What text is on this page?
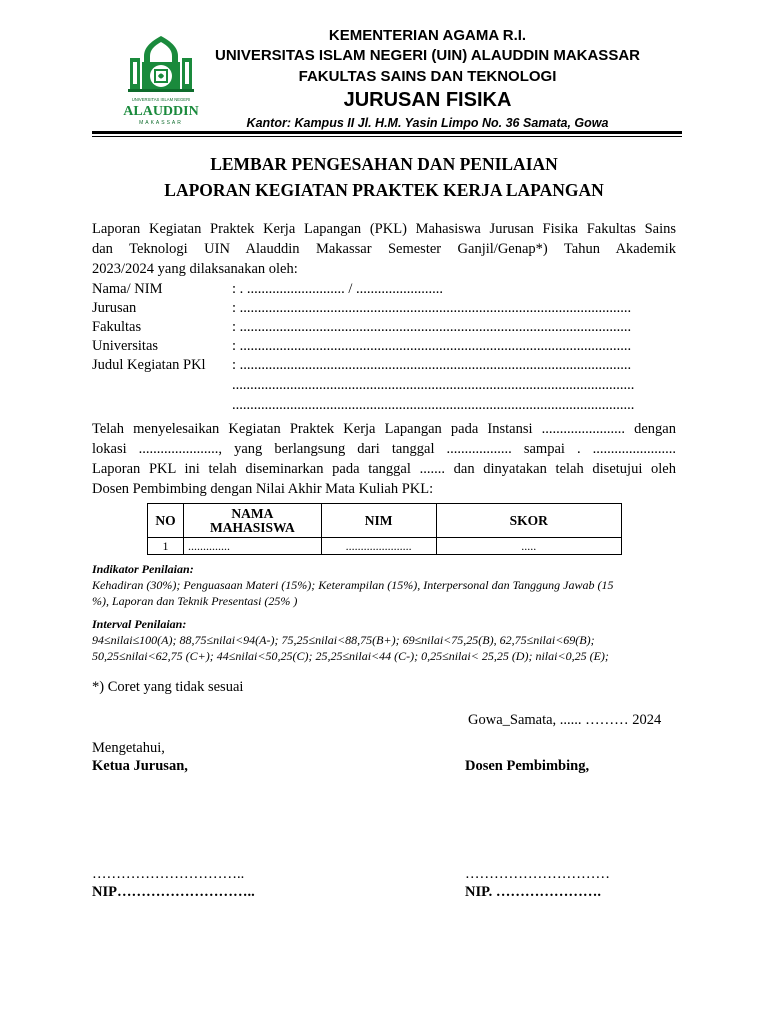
UNIVERSITAS ISLAM NEGERI
ALAUDDIN
MAKASSAR
KEMENTERIAN AGAMA R.I.
UNIVERSITAS ISLAM NEGERI (UIN) ALAUDDIN MAKASSAR
FAKULTAS SAINS DAN TEKNOLOGI
JURUSAN FISIKA
Kantor: Kampus II Jl. H.M. Yasin Limpo No. 36 Samata, Gowa
LEMBAR PENGESAHAN DAN PENILAIAN
LAPORAN KEGIATAN PRAKTEK KERJA LAPANGAN
Laporan Kegiatan Praktek Kerja Lapangan (PKL) Mahasiswa Jurusan Fisika Fakultas Sains
dan Teknologi UIN Alauddin Makassar Semester Ganjil/Genap*) Tahun Akademik
2023/2024 yang dilaksanakan oleh:
Nama/ NIM	: . ........................... / ........................
Jurusan	: ............................................................................................................
Fakultas	: ............................................................................................................
Universitas	: ............................................................................................................
Judul Kegiatan PKl : ............................................................................................................
...............................................................................................................
...............................................................................................................
Telah menyelesaikan Kegiatan Praktek Kerja Lapangan pada Instansi ....................... dengan
lokasi ......................, yang berlangsung dari tanggal .................. sampai . .......................
Laporan PKL ini telah diseminarkan pada tanggal ....... dan dinyatakan telah disetujui oleh
Dosen Pembimbing dengan Nilai Akhir Mata Kuliah PKL:
NO	NAMA
MAHASISWA	NIM	SKOR
1	..............	......................	.....
Indikator Penilaian:
Kehadiran (30%); Penguasaan Materi (15%); Keterampilan (15%), Interpersonal dan Tanggung Jawab (15
%), Laporan dan Teknik Presentasi (25% )
Interval Penilaian:
94≤nilai≤100(A); 88,75≤nilai<94(A-); 75,25≤nilai<88,75(B+); 69≤nilai<75,25(B), 62,75≤nilai<69(B);
50,25≤nilai<62,75 (C+); 44≤nilai<50,25(C); 25,25≤nilai<44 (C-); 0,25≤nilai< 25,25 (D); nilai<0,25 (E);
*) Coret yang tidak sesuai
Gowa_Samata, ...... ……… 2024
Mengetahui,
Ketua Jurusan,	Dosen Pembimbing,
…………………………..	…………………………
NIP………………………..	NIP. ………………….
